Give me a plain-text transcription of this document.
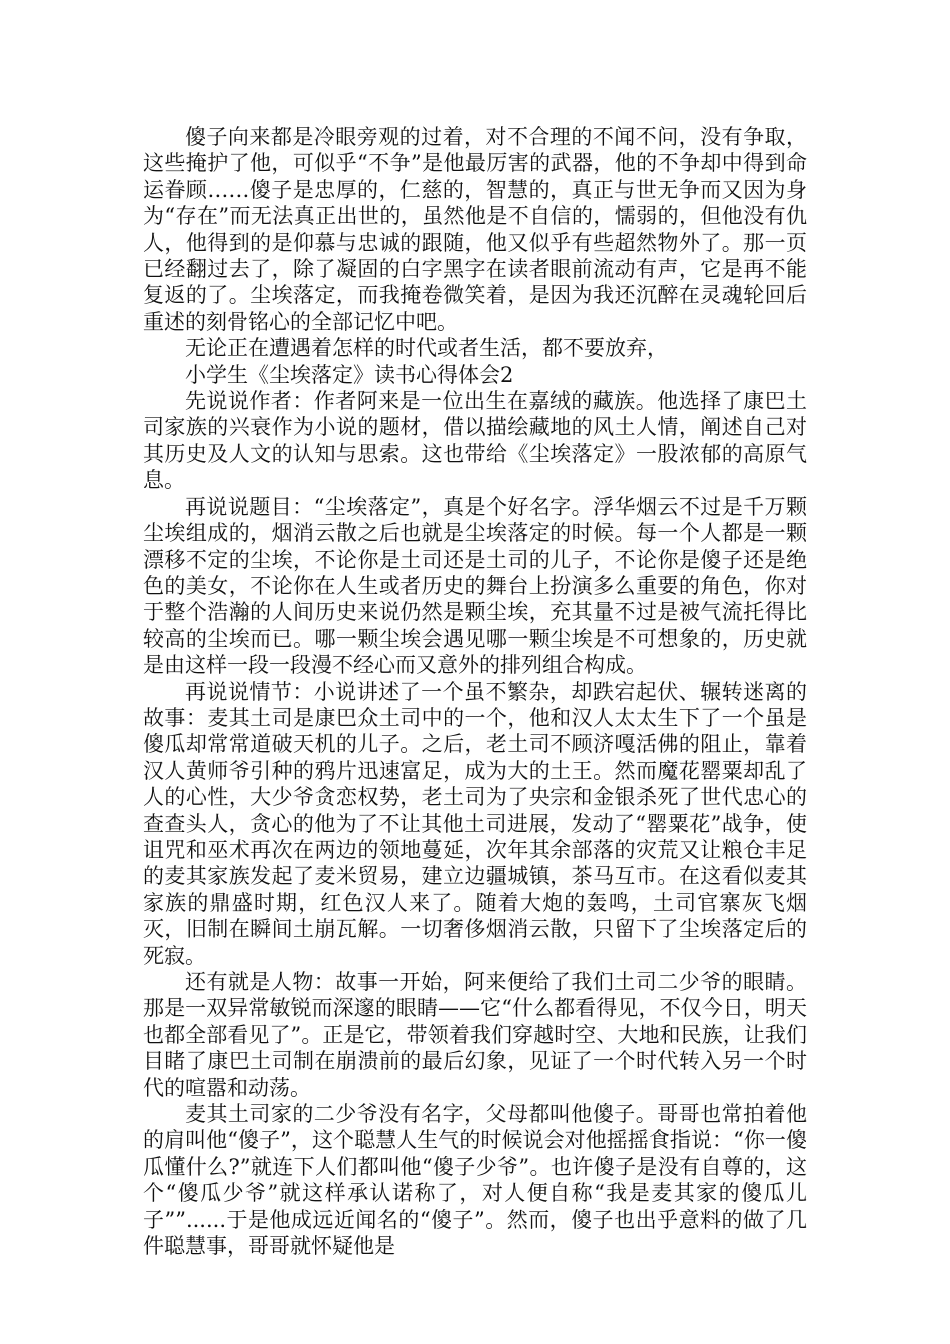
傻子向来都是冷眼旁观的过着，对不合理的不闻不问，没有争取，这些掩护了他，可似乎“不争”是他最厉害的武器，他的不争却中得到命运眷顾……傻子是忠厚的，仁慈的，智慧的，真正与世无争而又因为身为“存在”而无法真正出世的，虽然他是不自信的，懦弱的，但他没有仇人，他得到的是仰慕与忠诚的跟随，他又似乎有些超然物外了。那一页已经翻过去了，除了凝固的白字黑字在读者眼前流动有声，它是再不能复返的了。尘埃落定，而我掩卷微笑着，是因为我还沉醉在灵魂轮回后重述的刻骨铭心的全部记忆中吧。

无论正在遭遇着怎样的时代或者生活，都不要放弃，

小学生《尘埃落定》读书心得体会2

先说说作者：作者阿来是一位出生在嘉绒的藏族。他选择了康巴土司家族的兴衰作为小说的题材，借以描绘藏地的风土人情，阐述自己对其历史及人文的认知与思索。这也带给《尘埃落定》一股浓郁的高原气息。

再说说题目：“尘埃落定”，真是个好名字。浮华烟云不过是千万颗尘埃组成的，烟消云散之后也就是尘埃落定的时候。每一个人都是一颗漂移不定的尘埃，不论你是土司还是土司的儿子，不论你是傻子还是绝色的美女，不论你在人生或者历史的舞台上扮演多么重要的角色，你对于整个浩瀚的人间历史来说仍然是颗尘埃，充其量不过是被气流托得比较高的尘埃而已。哪一颗尘埃会遇见哪一颗尘埃是不可想象的，历史就是由这样一段一段漫不经心而又意外的排列组合构成。

再说说情节：小说讲述了一个虽不繁杂，却跌宕起伏、辗转迷离的故事：麦其土司是康巴众土司中的一个，他和汉人太太生下了一个虽是傻瓜却常常道破天机的儿子。之后，老土司不顾济嘎活佛的阻止，靠着汉人黄师爷引种的鸦片迅速富足，成为大的土王。然而魔花罂粟却乱了人的心性，大少爷贪恋权势，老土司为了央宗和金银杀死了世代忠心的查查头人，贪心的他为了不让其他土司进展，发动了“罂粟花”战争，使诅咒和巫术再次在两边的领地蔓延，次年其余部落的灾荒又让粮仓丰足的麦其家族发起了麦米贸易，建立边疆城镇，茶马互市。在这看似麦其家族的鼎盛时期，红色汉人来了。随着大炮的轰鸣，土司官寨灰飞烟灭，旧制在瞬间土崩瓦解。一切奢侈烟消云散，只留下了尘埃落定后的死寂。

还有就是人物：故事一开始，阿来便给了我们土司二少爷的眼睛。那是一双异常敏锐而深邃的眼睛——它“什么都看得见，不仅今日，明天也都全部看见了”。正是它，带领着我们穿越时空、大地和民族，让我们目睹了康巴土司制在崩溃前的最后幻象，见证了一个时代转入另一个时代的喧嚣和动荡。

麦其土司家的二少爷没有名字，父母都叫他傻子。哥哥也常拍着他的肩叫他“傻子”，这个聪慧人生气的时候说会对他摇摇食指说：“你一傻瓜懂什么?”就连下人们都叫他“傻子少爷”。也许傻子是没有自尊的，这个“傻瓜少爷”就这样承认诺称了，对人便自称“我是麦其家的傻瓜儿子””......于是他成远近闻名的“傻子”。然而，傻子也出乎意料的做了几件聪慧事，哥哥就怀疑他是
